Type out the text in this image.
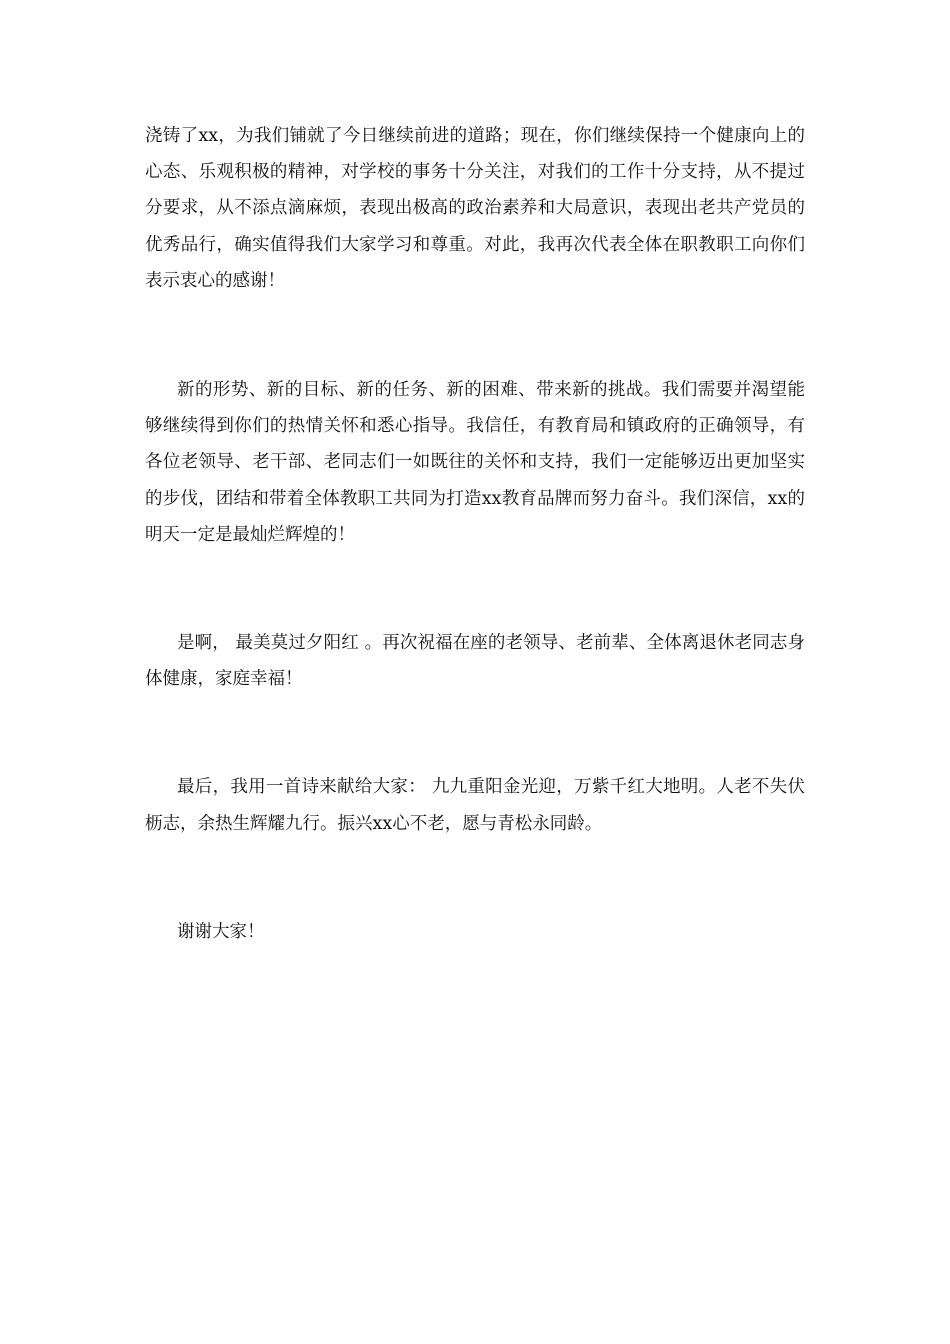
浇铸了xx，为我们铺就了今日继续前进的道路；现在，你们继续保持一个健康向上的心态、乐观积极的精神，对学校的事务十分关注，对我们的工作十分支持，从不提过分要求，从不添点滴麻烦，表现出极高的政治素养和大局意识，表现出老共产党员的优秀品行，确实值得我们大家学习和尊重。对此，我再次代表全体在职教职工向你们表示衷心的感谢！

新的形势、新的目标、新的任务、新的困难、带来新的挑战。我们需要并渴望能够继续得到你们的热情关怀和悉心指导。我信任，有教育局和镇政府的正确领导，有各位老领导、老干部、老同志们一如既往的关怀和支持，我们一定能够迈出更加坚实的步伐，团结和带着全体教职工共同为打造xx教育品牌而努力奋斗。我们深信，xx的明天一定是最灿烂辉煌的！

是啊， 最美莫过夕阳红 。再次祝福在座的老领导、老前辈、全体离退休老同志身体健康，家庭幸福！

最后，我用一首诗来献给大家： 九九重阳金光迎，万紫千红大地明。人老不失伏枥志，余热生辉耀九行。振兴xx心不老，愿与青松永同龄。

谢谢大家！
